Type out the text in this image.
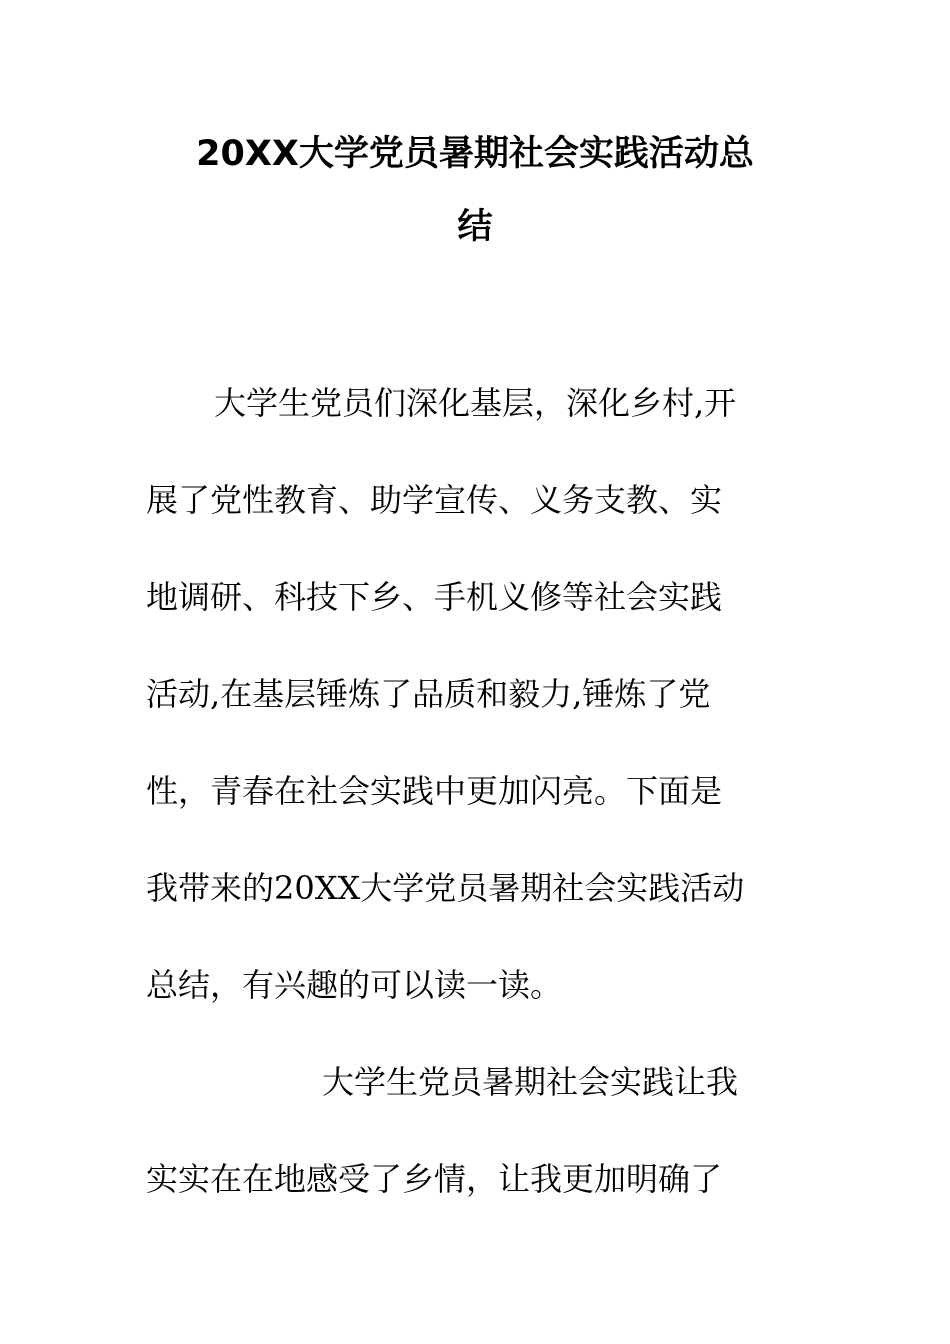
20XX大学党员暑期社会实践活动总
结
大学生党员们深化基层，深化乡村,开
展了党性教育、助学宣传、义务支教、实
地调研、科技下乡、手机义修等社会实践
活动,在基层锤炼了品质和毅力,锤炼了党
性，青春在社会实践中更加闪亮。下面是
我带来的20XX大学党员暑期社会实践活动
总结，有兴趣的可以读一读。
大学生党员暑期社会实践让我
实实在在地感受了乡情，让我更加明确了
